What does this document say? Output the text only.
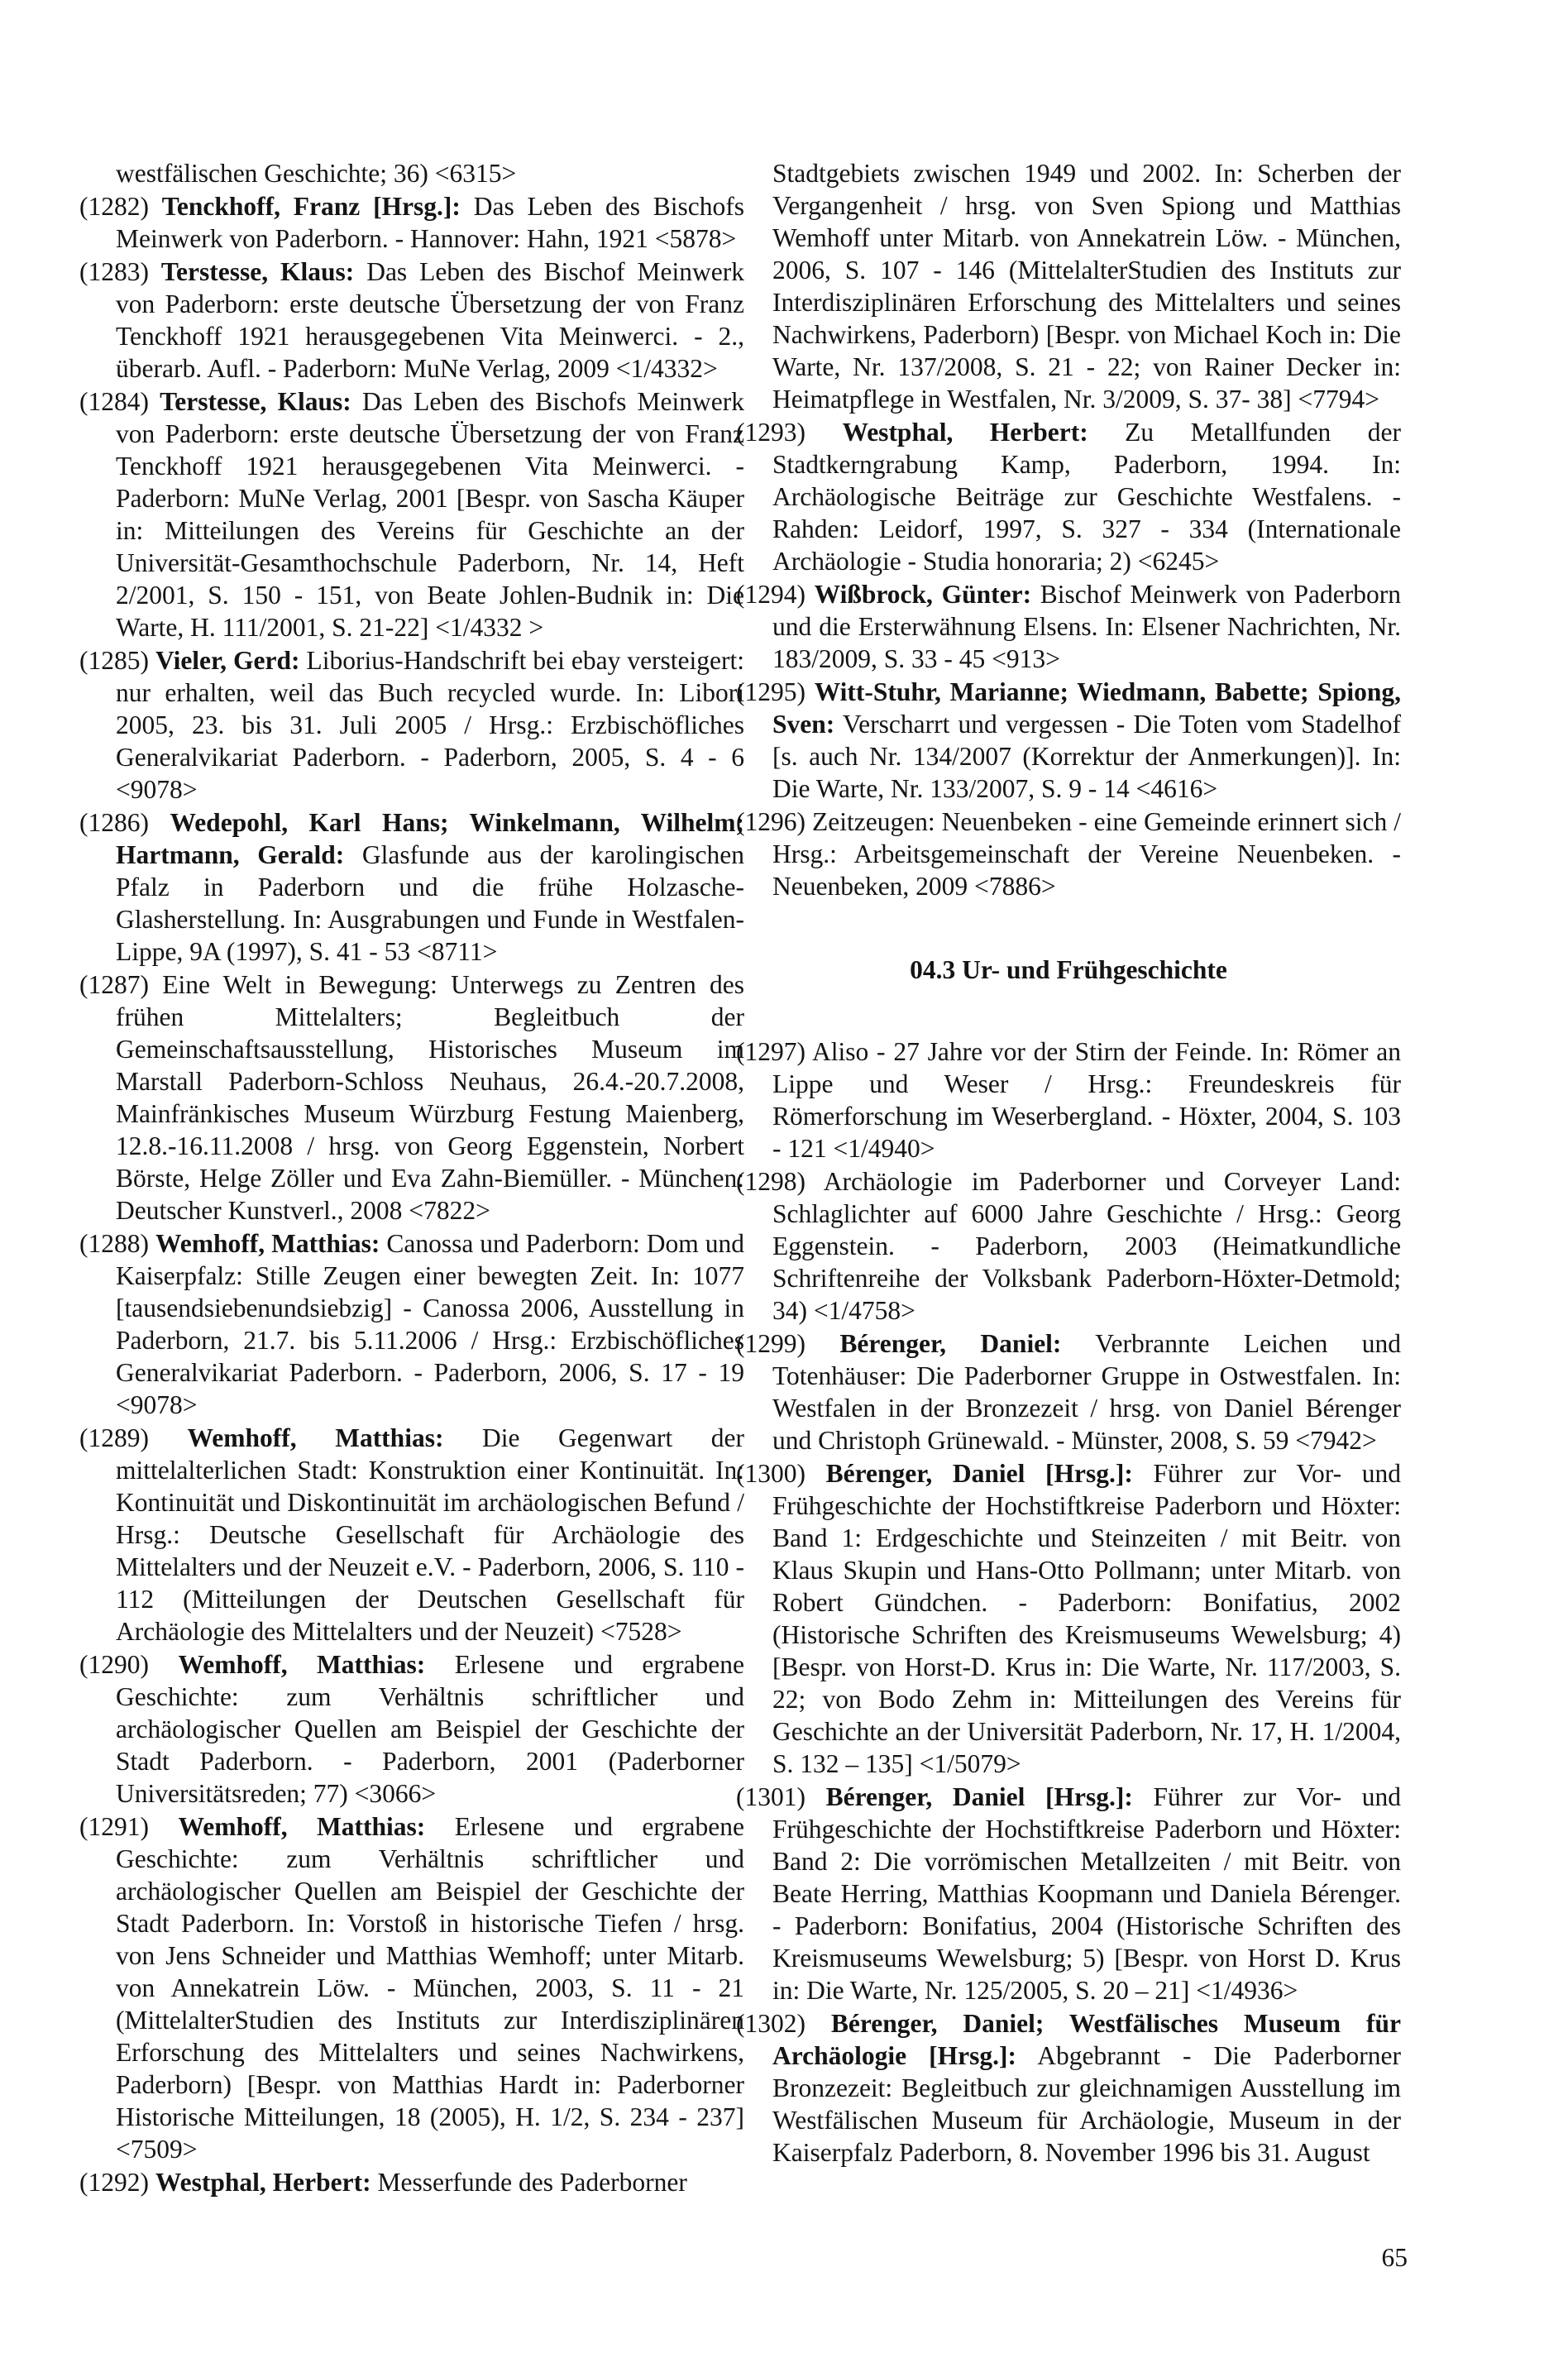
westfälischen Geschichte; 36) <6315>

(1282) Tenckhoff, Franz [Hrsg.]: Das Leben des Bischofs Meinwerk von Paderborn. - Hannover: Hahn, 1921 <5878>

(1283) Terstesse, Klaus: Das Leben des Bischof Meinwerk von Paderborn: erste deutsche Übersetzung der von Franz Tenckhoff 1921 herausgegebenen Vita Meinwerci. - 2., überarb. Aufl. - Paderborn: MuNe Verlag, 2009 <1/4332>

(1284) Terstesse, Klaus: Das Leben des Bischofs Meinwerk von Paderborn: erste deutsche Übersetzung der von Franz Tenckhoff 1921 herausgegebenen Vita Meinwerci. - Paderborn: MuNe Verlag, 2001 [Bespr. von Sascha Käuper in: Mitteilungen des Vereins für Geschichte an der Universität-Gesamthochschule Paderborn, Nr. 14, Heft 2/2001, S. 150 - 151, von Beate Johlen-Budnik in: Die Warte, H. 111/2001, S. 21-22] <1/4332 >

(1285) Vieler, Gerd: Liborius-Handschrift bei ebay versteigert: nur erhalten, weil das Buch recycled wurde. In: Libori 2005, 23. bis 31. Juli 2005 / Hrsg.: Erzbischöfliches Generalvikariat Paderborn. - Paderborn, 2005, S. 4 - 6 <9078>

(1286) Wedepohl, Karl Hans; Winkelmann, Wilhelm; Hartmann, Gerald: Glasfunde aus der karolingischen Pfalz in Paderborn und die frühe Holzasche-Glasherstellung. In: Ausgrabungen und Funde in Westfalen-Lippe, 9A (1997), S. 41 - 53 <8711>

(1287) Eine Welt in Bewegung: Unterwegs zu Zentren des frühen Mittelalters; Begleitbuch der Gemeinschaftsausstellung, Historisches Museum im Marstall Paderborn-Schloss Neuhaus, 26.4.-20.7.2008, Mainfränkisches Museum Würzburg Festung Maienberg, 12.8.-16.11.2008 / hrsg. von Georg Eggenstein, Norbert Börste, Helge Zöller und Eva Zahn-Biemüller. - München: Deutscher Kunstverl., 2008 <7822>

(1288) Wemhoff, Matthias: Canossa und Paderborn: Dom und Kaiserpfalz: Stille Zeugen einer bewegten Zeit. In: 1077 [tausendsiebenundsiebzig] - Canossa 2006, Ausstellung in Paderborn, 21.7. bis 5.11.2006 / Hrsg.: Erzbischöfliches Generalvikariat Paderborn. - Paderborn, 2006, S. 17 - 19 <9078>

(1289) Wemhoff, Matthias: Die Gegenwart der mittelalterlichen Stadt: Konstruktion einer Kontinuität. In: Kontinuität und Diskontinuität im archäologischen Befund / Hrsg.: Deutsche Gesellschaft für Archäologie des Mittelalters und der Neuzeit e.V. - Paderborn, 2006, S. 110 - 112 (Mitteilungen der Deutschen Gesellschaft für Archäologie des Mittelalters und der Neuzeit) <7528>

(1290) Wemhoff, Matthias: Erlesene und ergrabene Geschichte: zum Verhältnis schriftlicher und archäologischer Quellen am Beispiel der Geschichte der Stadt Paderborn. - Paderborn, 2001 (Paderborner Universitätsreden; 77) <3066>

(1291) Wemhoff, Matthias: Erlesene und ergrabene Geschichte: zum Verhältnis schriftlicher und archäologischer Quellen am Beispiel der Geschichte der Stadt Paderborn. In: Vorstoß in historische Tiefen / hrsg. von Jens Schneider und Matthias Wemhoff; unter Mitarb. von Annekatrein Löw. - München, 2003, S. 11 - 21 (MittelalterStudien des Instituts zur Interdisziplinären Erforschung des Mittelalters und seines Nachwirkens, Paderborn) [Bespr. von Matthias Hardt in: Paderborner Historische Mitteilungen, 18 (2005), H. 1/2, S. 234 - 237] <7509>

(1292) Westphal, Herbert: Messerfunde des Paderborner

Stadtgebiets zwischen 1949 und 2002. In: Scherben der Vergangenheit / hrsg. von Sven Spiong und Matthias Wemhoff unter Mitarb. von Annekatrein Löw. - München, 2006, S. 107 - 146 (MittelalterStudien des Instituts zur Interdisziplinären Erforschung des Mittelalters und seines Nachwirkens, Paderborn) [Bespr. von Michael Koch in: Die Warte, Nr. 137/2008, S. 21 - 22; von Rainer Decker in: Heimatpflege in Westfalen, Nr. 3/2009, S. 37- 38] <7794>

(1293) Westphal, Herbert: Zu Metallfunden der Stadtkerngrabung Kamp, Paderborn, 1994. In: Archäologische Beiträge zur Geschichte Westfalens. - Rahden: Leidorf, 1997, S. 327 - 334 (Internationale Archäologie - Studia honoraria; 2) <6245>

(1294) Wißbrock, Günter: Bischof Meinwerk von Paderborn und die Ersterwähnung Elsens. In: Elsener Nachrichten, Nr. 183/2009, S. 33 - 45 <913>

(1295) Witt-Stuhr, Marianne; Wiedmann, Babette; Spiong, Sven: Verscharrt und vergessen - Die Toten vom Stadelhof [s. auch Nr. 134/2007 (Korrektur der Anmerkungen)]. In: Die Warte, Nr. 133/2007, S. 9 - 14 <4616>

(1296) Zeitzeugen: Neuenbeken - eine Gemeinde erinnert sich / Hrsg.: Arbeitsgemeinschaft der Vereine Neuenbeken. - Neuenbeken, 2009 <7886>

04.3 Ur- und Frühgeschichte

(1297) Aliso - 27 Jahre vor der Stirn der Feinde. In: Römer an Lippe und Weser / Hrsg.: Freundeskreis für Römerforschung im Weserbergland. - Höxter, 2004, S. 103 - 121 <1/4940>

(1298) Archäologie im Paderborner und Corveyer Land: Schlaglichter auf 6000 Jahre Geschichte / Hrsg.: Georg Eggenstein. - Paderborn, 2003 (Heimatkundliche Schriftenreihe der Volksbank Paderborn-Höxter-Detmold; 34) <1/4758>

(1299) Bérenger, Daniel: Verbrannte Leichen und Totenhäuser: Die Paderborner Gruppe in Ostwestfalen. In: Westfalen in der Bronzezeit / hrsg. von Daniel Bérenger und Christoph Grünewald. - Münster, 2008, S. 59 <7942>

(1300) Bérenger, Daniel [Hrsg.]: Führer zur Vor- und Frühgeschichte der Hochstiftkreise Paderborn und Höxter: Band 1: Erdgeschichte und Steinzeiten / mit Beitr. von Klaus Skupin und Hans-Otto Pollmann; unter Mitarb. von Robert Gündchen. - Paderborn: Bonifatius, 2002 (Historische Schriften des Kreismuseums Wewelsburg; 4) [Bespr. von Horst-D. Krus in: Die Warte, Nr. 117/2003, S. 22; von Bodo Zehm in: Mitteilungen des Vereins für Geschichte an der Universität Paderborn, Nr. 17, H. 1/2004, S. 132 – 135] <1/5079>

(1301) Bérenger, Daniel [Hrsg.]: Führer zur Vor- und Frühgeschichte der Hochstiftkreise Paderborn und Höxter: Band 2: Die vorrömischen Metallzeiten / mit Beitr. von Beate Herring, Matthias Koopmann und Daniela Bérenger. - Paderborn: Bonifatius, 2004 (Historische Schriften des Kreismuseums Wewelsburg; 5) [Bespr. von Horst D. Krus in: Die Warte, Nr. 125/2005, S. 20 – 21] <1/4936>

(1302) Bérenger, Daniel; Westfälisches Museum für Archäologie [Hrsg.]: Abgebrannt - Die Paderborner Bronzezeit: Begleitbuch zur gleichnamigen Ausstellung im Westfälischen Museum für Archäologie, Museum in der Kaiserpfalz Paderborn, 8. November 1996 bis 31. August

65
